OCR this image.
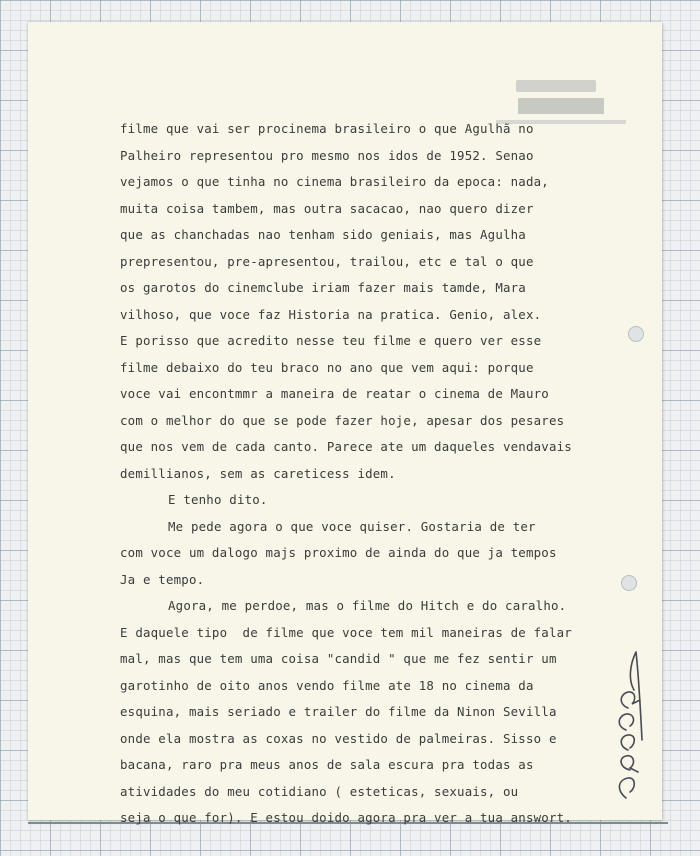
filme que vai ser procinema brasileiro o que Agulhã no
Palheiro representou pro mesmo nos idos de 1952. Senao
vejamos o que tinha no cinema brasileiro da epoca: nada,
muita coisa tambem, mas outra sacacao, nao quero dizer
que as chanchadas nao tenham sido geniais, mas Agulha
prepresentou, pre-apresentou, trailou, etc e tal o que
os garotos do cinemclube iriam fazer mais tamde, Mara
vilhoso, que voce faz Historia na pratica. Genio, alex.
E porisso que acredito nesse teu filme e quero ver esse
filme debaixo do teu braco no ano que vem aqui: porque
voce vai encontmmr a maneira de reatar o cinema de Mauro
com o melhor do que se pode fazer hoje, apesar dos pesares
que nos vem de cada canto. Parece ate um daqueles vendavais
demillianos, sem as careticess idem.
E tenho dito.
Me pede agora o que voce quiser. Gostaria de ter
com voce um dalogo majs proximo de ainda do que ja tempos
Ja e tempo.
Agora, me perdoe, mas o filme do Hitch e do caralho.
E daquele tipo  de filme que voce tem mil maneiras de falar
mal, mas que tem uma coisa "candid " que me fez sentir um
garotinho de oito anos vendo filme ate 18 no cinema da
esquina, mais seriado e trailer do filme da Ninon Sevilla
onde ela mostra as coxas no vestido de palmeiras. Sisso e
bacana, raro pra meus anos de sala escura pra todas as
atividades do meu cotidiano ( esteticas, sexuais, ou
seja o que for). E estou doido agora pra ver a tua answort.
